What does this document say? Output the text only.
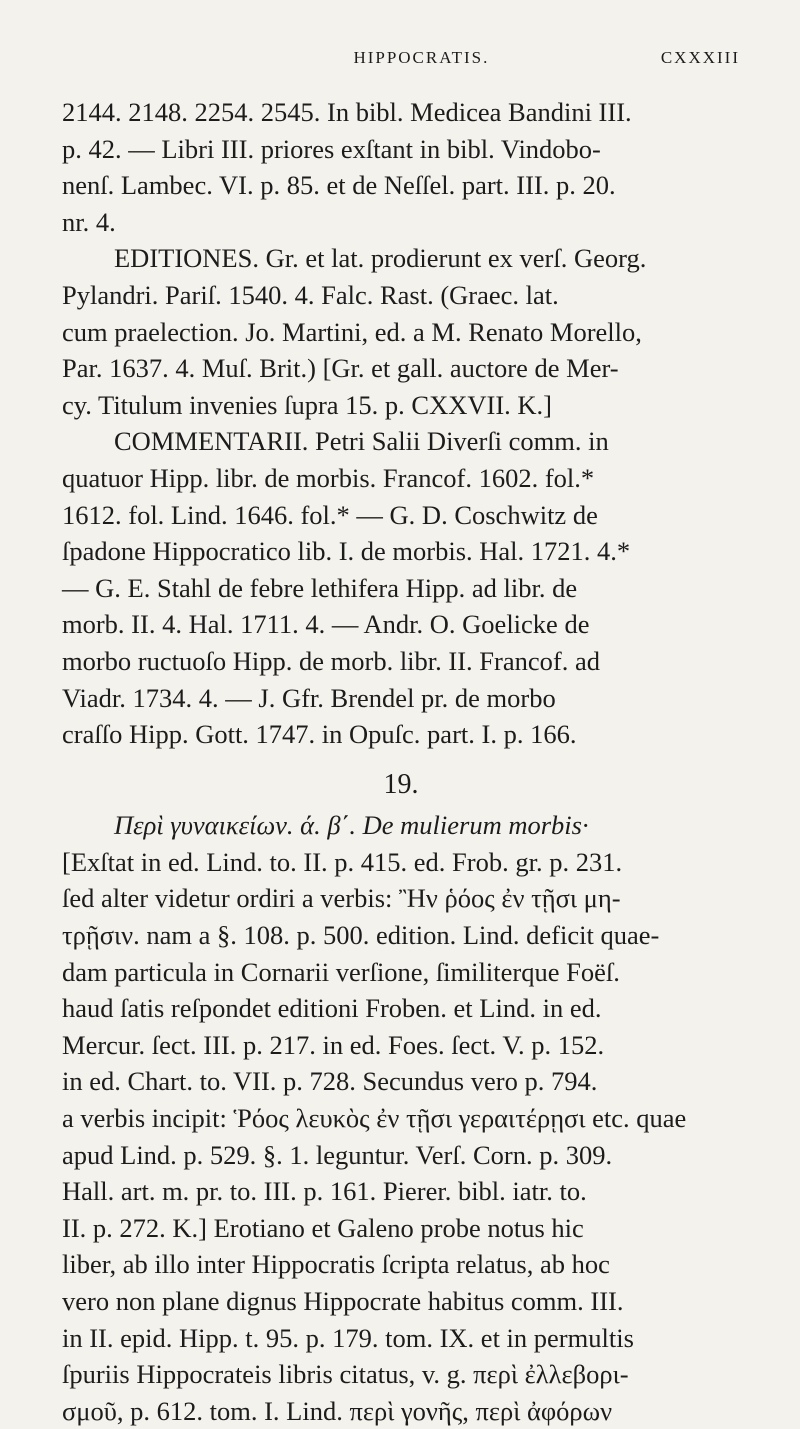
HIPPOCRATIS.	CXXXIII

2144. 2148. 2254. 2545. In bibl. Medicea Bandini III.
p. 42. — Libri III. priores exſtant in bibl. Vindobo-
nenſ. Lambec. VI. p. 85. et de Neſſel. part. III. p. 20.
nr. 4.

EDITIONES. Gr. et lat. prodierunt ex verſ. Georg.
Pylandri. Pariſ. 1540. 4. Falc. Rast. (Graec. lat.
cum praelection. Jo. Martini, ed. a M. Renato Morello,
Par. 1637. 4. Muſ. Brit.) [Gr. et gall. auctore de Mer-
cy. Titulum invenies ſupra 15. p. CXXVII. K.]

COMMENTARII. Petri Salii Diverſi comm. in
quatuor Hipp. libr. de morbis. Francof. 1602. fol.*
1612. fol. Lind. 1646. fol.* — G. D. Coschwitz de
ſpadone Hippocratico lib. I. de morbis. Hal. 1721. 4.*
— G. E. Stahl de febre lethifera Hipp. ad libr. de
morb. II. 4. Hal. 1711. 4. — Andr. O. Goelicke de
morbo ructuoſo Hipp. de morb. libr. II. Francof. ad
Viadr. 1734. 4. — J. Gfr. Brendel pr. de morbo
craſſo Hipp. Gott. 1747. in Opuſc. part. I. p. 166.

19.

Περὶ γυναικείων. ά. β΄. De mulierum morbis·
[Exſtat in ed. Lind. to. II. p. 415. ed. Frob. gr. p. 231.
ſed alter videtur ordiri a verbis: Ἢν ῥόος ἐν τῇσι μη-
τρῇσιν. nam a §. 108. p. 500. edition. Lind. deficit quae-
dam particula in Cornarii verſione, ſimiliterque Foëſ.
haud ſatis reſpondet editioni Froben. et Lind. in ed.
Mercur. ſect. III. p. 217. in ed. Foes. ſect. V. p. 152.
in ed. Chart. to. VII. p. 728. Secundus vero p. 794.
a verbis incipit: Ῥόος λευκὸς ἐν τῇσι γεραιτέρῃσι etc. quae
apud Lind. p. 529. §. 1. leguntur. Verſ. Corn. p. 309.
Hall. art. m. pr. to. III. p. 161. Pierer. bibl. iatr. to.
II. p. 272. K.] Erotiano et Galeno probe notus hic
liber, ab illo inter Hippocratis ſcripta relatus, ab hoc
vero non plane dignus Hippocrate habitus comm. III.
in II. epid. Hipp. t. 95. p. 179. tom. IX. et in permultis
ſpuriis Hippocrateis libris citatus, v. g. περὶ ἐλλεβορι-
σμοῦ, p. 612. tom. I. Lind. περὶ γονῆς, περὶ ἀφόρων
